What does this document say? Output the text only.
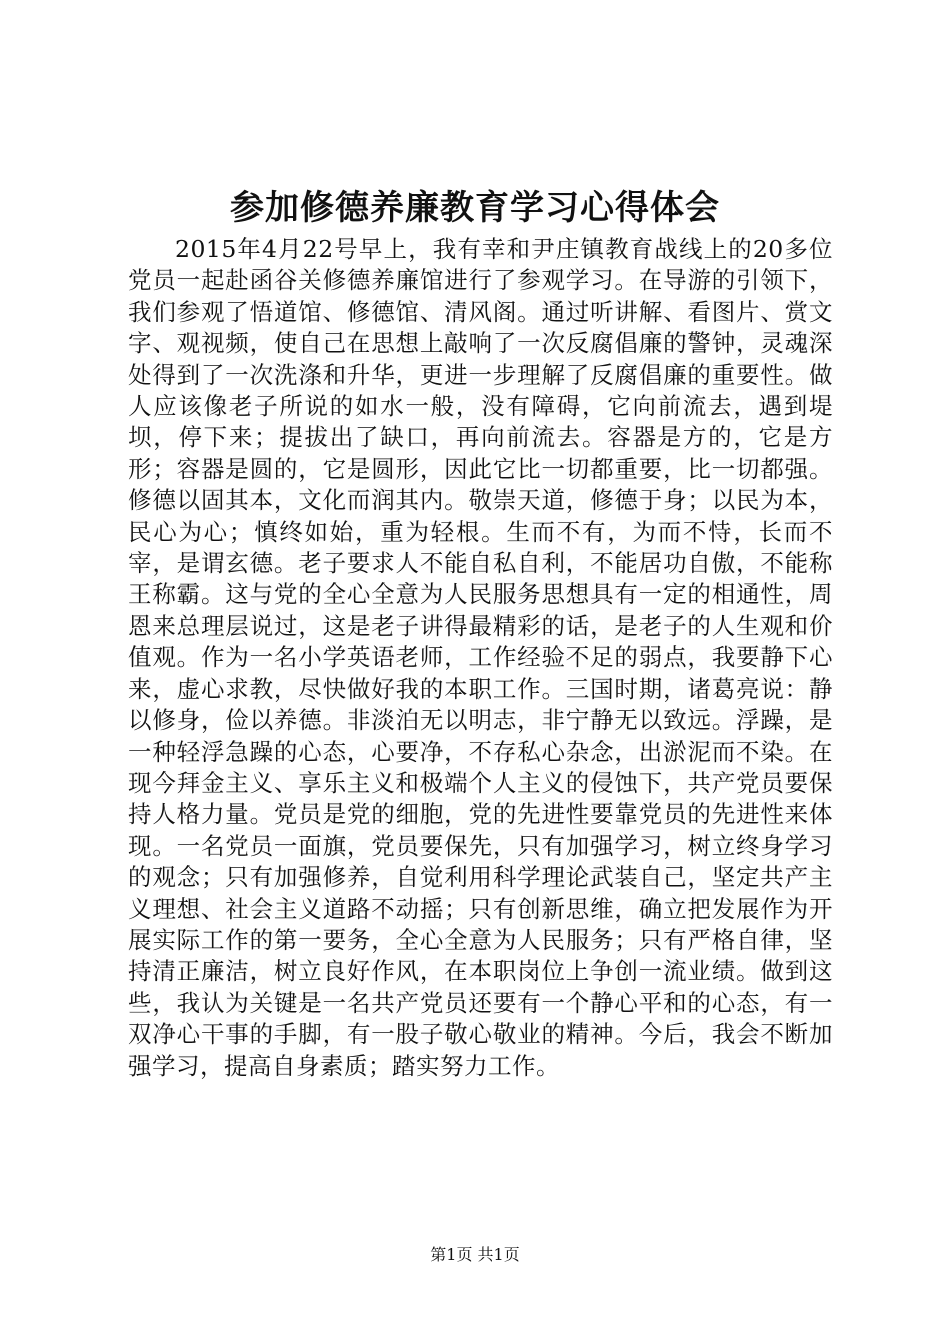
参加修德养廉教育学习心得体会

2015年4月22号早上，我有幸和尹庄镇教育战线上的20多位党员一起赴函谷关修德养廉馆进行了参观学习。在导游的引领下，我们参观了悟道馆、修德馆、清风阁。通过听讲解、看图片、赏文字、观视频，使自己在思想上敲响了一次反腐倡廉的警钟，灵魂深处得到了一次洗涤和升华，更进一步理解了反腐倡廉的重要性。做人应该像老子所说的如水一般，没有障碍，它向前流去，遇到堤坝，停下来；提拔出了缺口，再向前流去。容器是方的，它是方形；容器是圆的，它是圆形，因此它比一切都重要，比一切都强。修德以固其本，文化而润其内。敬崇天道，修德于身；以民为本，民心为心；慎终如始，重为轻根。生而不有，为而不恃，长而不宰，是谓玄德。老子要求人不能自私自利，不能居功自傲，不能称王称霸。这与党的全心全意为人民服务思想具有一定的相通性，周恩来总理层说过，这是老子讲得最精彩的话，是老子的人生观和价值观。作为一名小学英语老师，工作经验不足的弱点，我要静下心来，虚心求教，尽快做好我的本职工作。三国时期，诸葛亮说：静以修身，俭以养德。非淡泊无以明志，非宁静无以致远。浮躁，是一种轻浮急躁的心态，心要净，不存私心杂念，出淤泥而不染。在现今拜金主义、享乐主义和极端个人主义的侵蚀下，共产党员要保持人格力量。党员是党的细胞，党的先进性要靠党员的先进性来体现。一名党员一面旗，党员要保先，只有加强学习，树立终身学习的观念；只有加强修养，自觉利用科学理论武装自己，坚定共产主义理想、社会主义道路不动摇；只有创新思维，确立把发展作为开展实际工作的第一要务，全心全意为人民服务；只有严格自律，坚持清正廉洁，树立良好作风，在本职岗位上争创一流业绩。做到这些，我认为关键是一名共产党员还要有一个静心平和的心态，有一双净心干事的手脚，有一股子敬心敬业的精神。今后，我会不断加强学习，提高自身素质；踏实努力工作。

第1页 共1页
